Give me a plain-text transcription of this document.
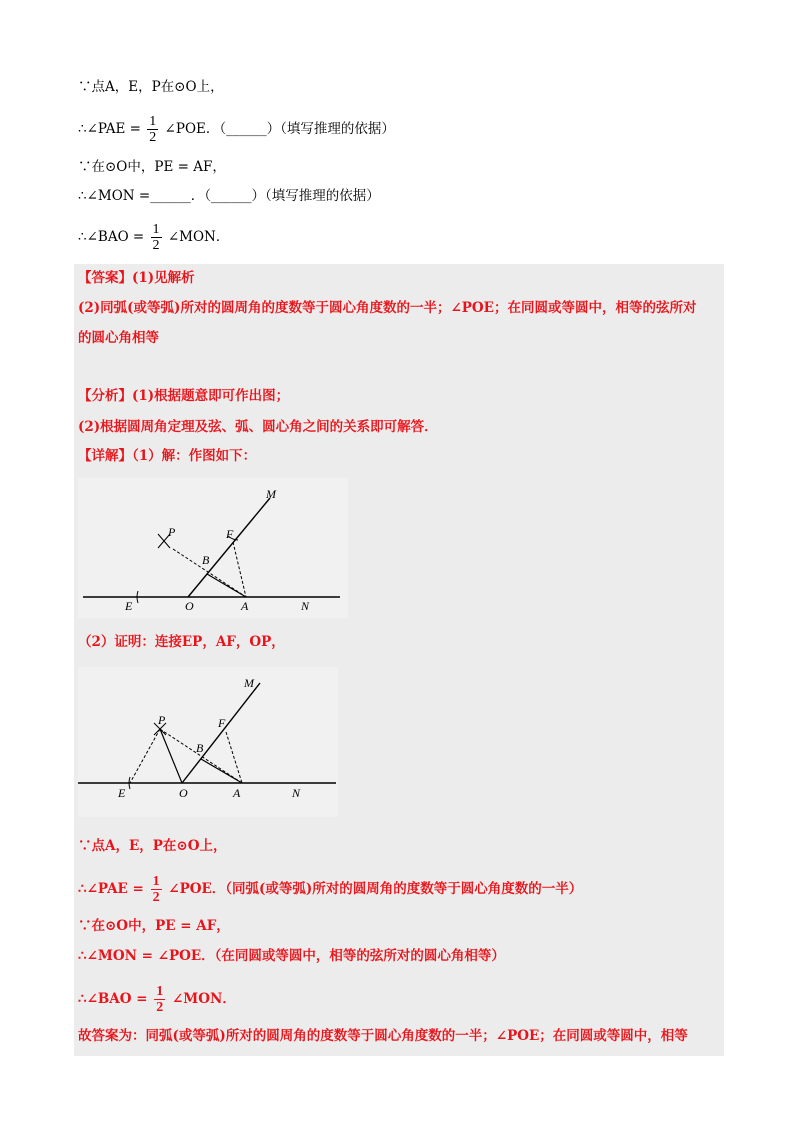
∵点A，E，P在⊙O上，
∴∠PAE = $\frac{1}{2}$ ∠POE．（______）（填写推理的依据）
∵在⊙O中，PE = AF，
∴∠MON =______．（______）（填写推理的依据）
∴∠BAO = $\frac{1}{2}$ ∠MON．
【答案】(1)见解析
(2)同弧(或等弧)所对的圆周角的度数等于圆心角度数的一半；∠POE；在同圆或等圆中，相等的弦所对
的圆心角相等
【分析】(1)根据题意即可作出图；
(2)根据圆周角定理及弦、弧、圆心角之间的关系即可解答．
【详解】（1）解：作图如下：
M
P	F
B
E	O	A	N
（2）证明：连接EP，AF，OP，
M
P	F
B
E	O	A	N
∵点A，E，P在⊙O上，
∴∠PAE = $\frac{1}{2}$ ∠POE．（同弧(或等弧)所对的圆周角的度数等于圆心角度数的一半）
∵在⊙O中，PE = AF，
∴∠MON = ∠POE．（在同圆或等圆中，相等的弦所对的圆心角相等）
∴∠BAO = $\frac{1}{2}$ ∠MON．
故答案为：同弧(或等弧)所对的圆周角的度数等于圆心角度数的一半；∠POE；在同圆或等圆中，相等
